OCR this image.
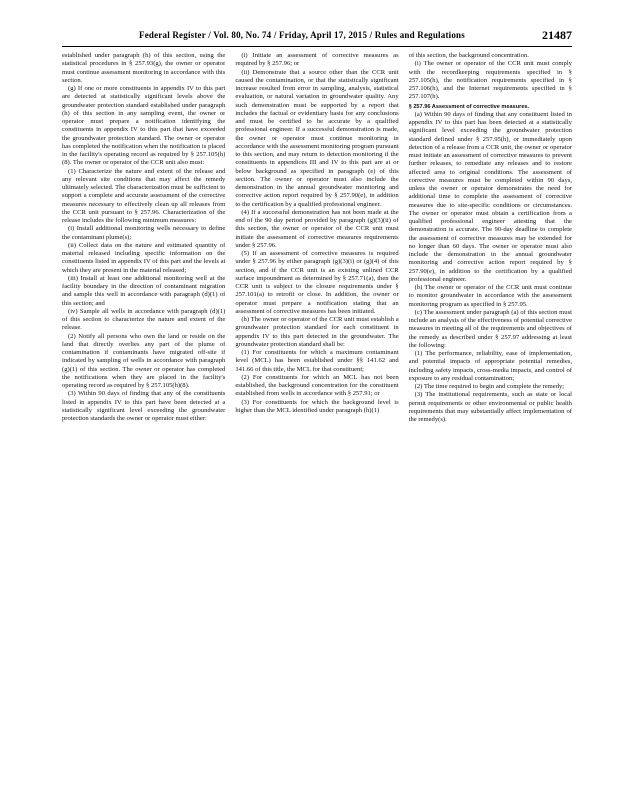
Federal Register / Vol. 80, No. 74 / Friday, April 17, 2015 / Rules and Regulations	21487

established under paragraph (h) of this section, using the statistical procedures in § 257.93(g), the owner or operator must continue assessment monitoring in accordance with this section.

(g) If one or more constituents in appendix IV to this part are detected at statistically significant levels above the groundwater protection standard established under paragraph (h) of this section in any sampling event, the owner or operator must prepare a notification identifying the constituents in appendix IV to this part that have exceeded the groundwater protection standard. The owner or operator has completed the notification when the notification is placed in the facility's operating record as required by § 257.105(h)(8). The owner or operator of the CCR unit also must:

(1) Characterize the nature and extent of the release and any relevant site conditions that may affect the remedy ultimately selected. The characterization must be sufficient to support a complete and accurate assessment of the corrective measures necessary to effectively clean up all releases from the CCR unit pursuant to § 257.96. Characterization of the release includes the following minimum measures:

(i) Install additional monitoring wells necessary to define the contaminant plume(s);

(ii) Collect data on the nature and estimated quantity of material released including specific information on the constituents listed in appendix IV of this part and the levels at which they are present in the material released;

(iii) Install at least one additional monitoring well at the facility boundary in the direction of contaminant migration and sample this well in accordance with paragraph (d)(1) of this section; and

(iv) Sample all wells in accordance with paragraph (d)(1) of this section to characterize the nature and extent of the release.

(2) Notify all persons who own the land or reside on the land that directly overlies any part of the plume of contamination if contaminants have migrated off-site if indicated by sampling of wells in accordance with paragraph (g)(1) of this section. The owner or operator has completed the notifications when they are placed in the facility's operating record as required by § 257.105(h)(8).

(3) Within 90 days of finding that any of the constituents listed in appendix IV to this part have been detected at a statistically significant level exceeding the groundwater protection standards the owner or operator must either:

(i) Initiate an assessment of corrective measures as required by § 257.96; or

(ii) Demonstrate that a source other than the CCR unit caused the contamination, or that the statistically significant increase resulted from error in sampling, analysis, statistical evaluation, or natural variation in groundwater quality. Any such demonstration must be supported by a report that includes the factual or evidentiary basis for any conclusions and must be certified to be accurate by a qualified professional engineer. If a successful demonstration is made, the owner or operator must continue monitoring in accordance with the assessment monitoring program pursuant to this section, and may return to detection monitoring if the constituents in appendices III and IV to this part are at or below background as specified in paragraph (e) of this section. The owner or operator must also include the demonstration in the annual groundwater monitoring and corrective action report required by § 257.90(e), in addition to the certification by a qualified professional engineer.

(4) If a successful demonstration has not been made at the end of the 90 day period provided by paragraph (g)(3)(ii) of this section, the owner or operator of the CCR unit must initiate the assessment of corrective measures requirements under § 257.96.

(5) If an assessment of corrective measures is required under § 257.96 by either paragraph (g)(3)(i) or (g)(4) of this section, and if the CCR unit is an existing unlined CCR surface impoundment as determined by § 257.71(a), then the CCR unit is subject to the closure requirements under § 257.101(a) to retrofit or close. In addition, the owner or operator must prepare a notification stating that an assessment of corrective measures has been initiated.

(h) The owner or operator of the CCR unit must establish a groundwater protection standard for each constituent in appendix IV to this part detected in the groundwater. The groundwater protection standard shall be:

(1) For constituents for which a maximum contaminant level (MCL) has been established under §§ 141.62 and 141.66 of this title, the MCL for that constituent;

(2) For constituents for which an MCL has not been established, the background concentration for the constituent established from wells in accordance with § 257.91; or

(3) For constituents for which the background level is higher than the MCL identified under paragraph (h)(1)

of this section, the background concentration.

(i) The owner or operator of the CCR unit must comply with the recordkeeping requirements specified in § 257.105(h), the notification requirements specified in § 257.106(h), and the Internet requirements specified in § 257.107(h).

§ 257.96 Assessment of corrective measures.

(a) Within 90 days of finding that any constituent listed in appendix IV to this part has been detected at a statistically significant level exceeding the groundwater protection standard defined under § 257.95(h), or immediately upon detection of a release from a CCR unit, the owner or operator must initiate an assessment of corrective measures to prevent further releases, to remediate any releases and to restore affected area to original conditions. The assessment of corrective measures must be completed within 90 days, unless the owner or operator demonstrates the need for additional time to complete the assessment of corrective measures due to site-specific conditions or circumstances. The owner or operator must obtain a certification from a qualified professional engineer attesting that the demonstration is accurate. The 90-day deadline to complete the assessment of corrective measures may be extended for no longer than 60 days. The owner or operator must also include the demonstration in the annual groundwater monitoring and corrective action report required by § 257.90(e), in addition to the certification by a qualified professional engineer.

(b) The owner or operator of the CCR unit must continue to monitor groundwater in accordance with the assessment monitoring program as specified in § 257.95.

(c) The assessment under paragraph (a) of this section must include an analysis of the effectiveness of potential corrective measures in meeting all of the requirements and objectives of the remedy as described under § 257.97 addressing at least the following:

(1) The performance, reliability, ease of implementation, and potential impacts of appropriate potential remedies, including safety impacts, cross-media impacts, and control of exposure to any residual contamination;

(2) The time required to begin and complete the remedy;

(3) The institutional requirements, such as state or local permit requirements or other environmental or public health requirements that may substantially affect implementation of the remedy(s).
